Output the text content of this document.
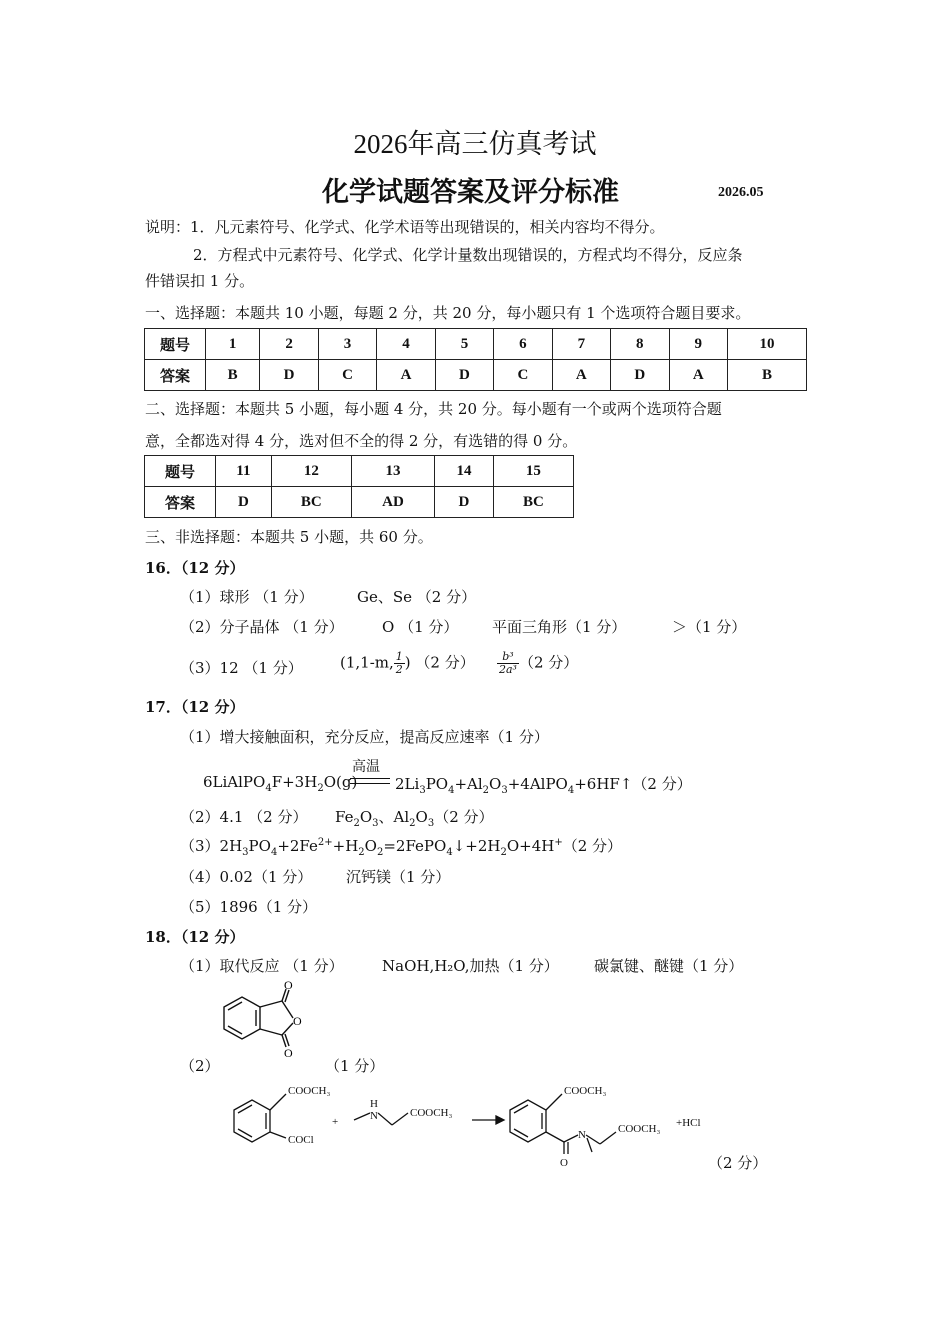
2026年高三仿真考试
化学试题答案及评分标准	2026.05
说明：1．凡元素符号、化学式、化学术语等出现错误的，相关内容均不得分。
2．方程式中元素符号、化学式、化学计量数出现错误的，方程式均不得分，反应条
件错误扣 1 分。
一、选择题：本题共 10 小题，每题 2 分，共 20 分，每小题只有 1 个选项符合题目要求。
题号	1	2	3	4	5	6	7	8	9	10
答案	B	D	C	A	D	C	A	D	A	B
二、选择题：本题共 5 小题，每小题 4 分，共 20 分。每小题有一个或两个选项符合题
意，全都选对得 4 分，选对但不全的得 2 分，有选错的得 0 分。
题号	11	12	13	14	15
答案	D	BC	AD	D	BC
三、非选择题：本题共 5 小题，共 60 分。
16．（12 分）
（1）球形 （1 分）	Ge、Se （2 分）
（2）分子晶体 （1 分）	O （1 分） 平面三角形（1 分）	＞（1 分）
（3）12 （1 分） (1,1-m, $\frac{1}{2}$ ) （2 分） $\frac{\text{b³}}{\text{2a³}} (2$ 分）
17．（12 分）
（1）增大接触面积，充分反应，提高反应速率（1 分）
高温
$6LiAlPO_4F+3H_2O(g)$	$2Li_3PO_4+Al_2O_3+4AlPO_4+6HF↑(2$ 分）
（2）4.1 （2 分） $Fe_2O_3$、$Al_2O_3(2$ 分）
$(3)2H_3PO_4+2Fe^{2+}+H_2O_2=2FePO_4↓+2H_2O+4H^+(2$ 分）
（4）0.02（1 分） 沉钙镁（1 分）
（5）1896（1 分）
18．（12 分）
（1）取代反应 （1 分）	NaOH,H₂O,加热（1 分） 碳氯键、醚键（1 分）
O
O
O
（2）	（1 分）
COOCH₃
COCl
+
H
N	COOCH₃
COOCH₃
N
O
COOCH₃ +HCl
（2 分）
